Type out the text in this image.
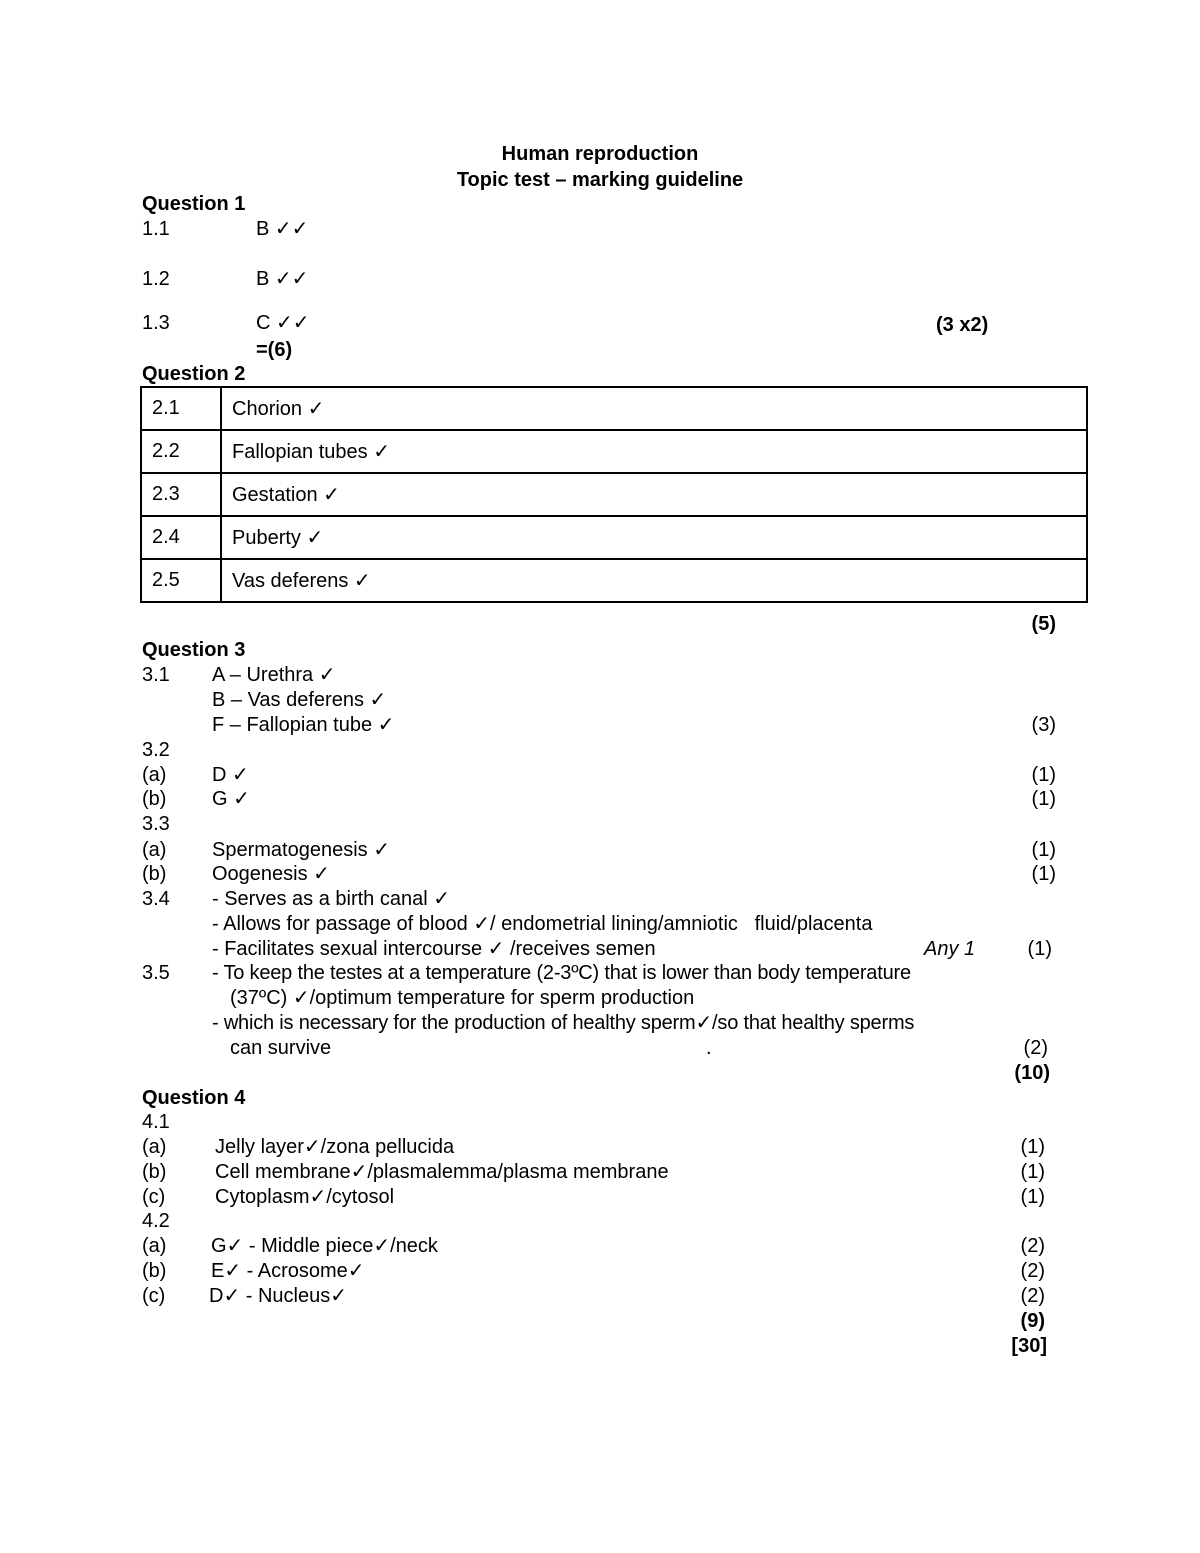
Human reproduction
Topic test – marking guideline
Question 1
1.1	B ✓✓
1.2	B ✓✓
1.3	C ✓✓	(3 x2)
=(6)
Question 2
2.1	Chorion ✓
2.2	Fallopian tubes ✓
2.3	Gestation ✓
2.4	Puberty ✓
2.5	Vas deferens ✓
(5)
Question 3
3.1 A – Urethra ✓
B – Vas deferens ✓
F – Fallopian tube ✓	(3)
3.2
(a) D ✓	(1)
(b) G ✓	(1)
3.3
(a) Spermatogenesis ✓	(1)
(b) Oogenesis ✓	(1)
3.4 - Serves as a birth canal ✓
- Allows for passage of blood ✓/ endometrial lining/amniotic   fluid/placenta
- Facilitates sexual intercourse ✓ /receives semen	Any 1	(1)
3.5 - To keep the testes at a temperature (2-3ºC) that is lower than body temperature
(37ºC) ✓/optimum temperature for sperm production
- which is necessary for the production of healthy sperm✓/so that healthy sperms
can survive	.	(2)
(10)
Question 4
4.1
(a) Jelly layer✓/zona pellucida	(1)
(b) Cell membrane✓/plasmalemma/plasma membrane	(1)
(c) Cytoplasm✓/cytosol	(1)
4.2
(a) G✓ - Middle piece✓/neck	(2)
(b) E✓ - Acrosome✓	(2)
(c) D✓ - Nucleus✓	(2)
(9)
[30]
